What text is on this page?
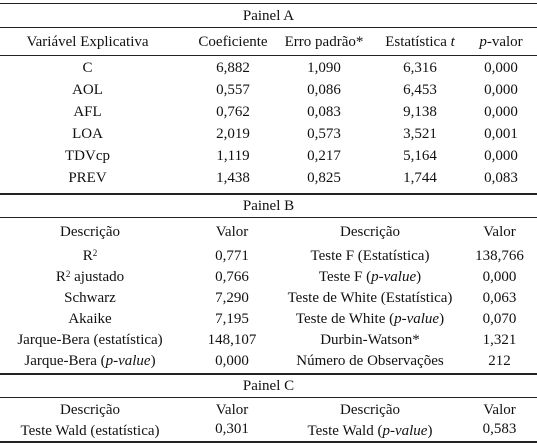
Painel A
Variável Explicativa	Coeficiente	Erro padrão*	Estatística t	p-valor
C	6,882	1,090	6,316	0,000
AOL	0,557	0,086	6,453	0,000
AFL	0,762	0,083	9,138	0,000
LOA	2,019	0,573	3,521	0,001
TDVcp	1,119	0,217	5,164	0,000
PREV	1,438	0,825	1,744	0,083
Painel B
Descrição	Valor	Descrição	Valor
$R^2$	0,771	Teste F (Estatística)	138,766
$R^2$ ajustado	0,766	Teste F (p-value)	0,000
Schwarz	7,290	Teste de White (Estatística)	0,063
Akaike	7,195	Teste de White (p-value)	0,070
Jarque-Bera (estatística)	148,107	Durbin-Watson*	1,321
Jarque-Bera (p-value)	0,000	Número de Observações	212
Painel C
Descrição	Valor	Descrição	Valor
Teste Wald (estatística)	0,301	Teste Wald (p-value)	0,583
